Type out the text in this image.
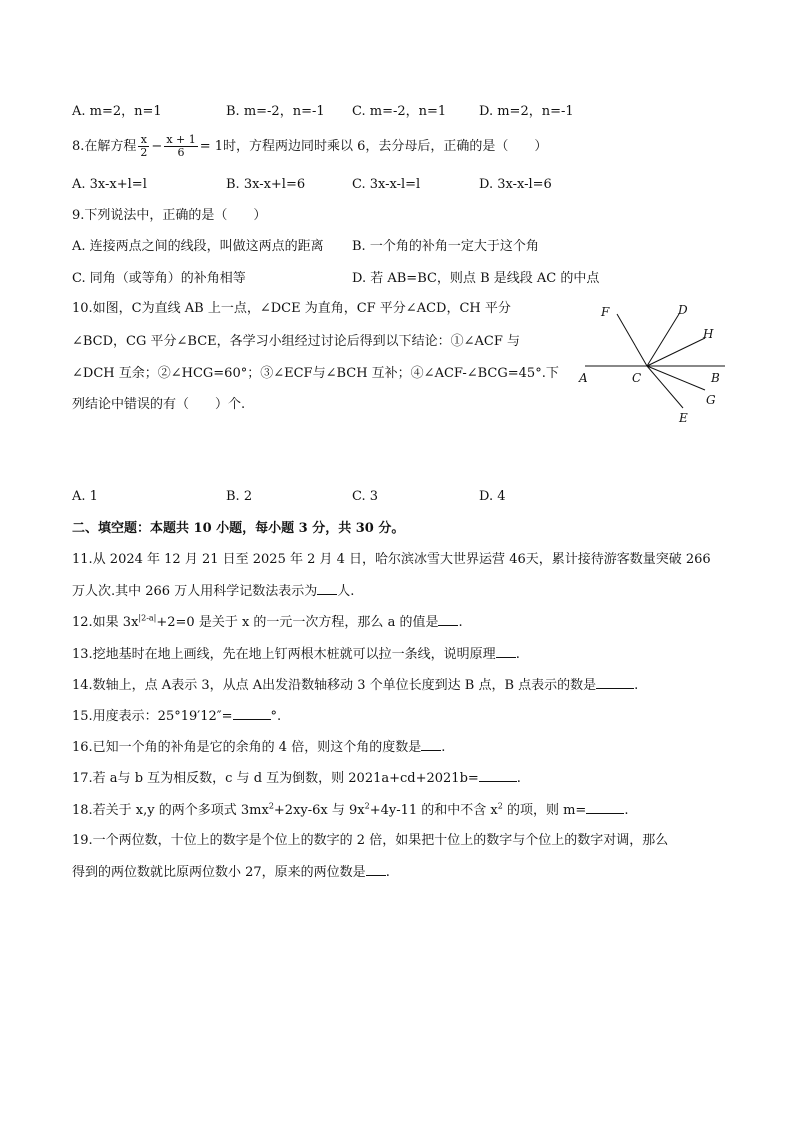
A. m=2，n=1	B. m=-2，n=-1 C. m=-2，n=1	D. m=2，n=-1
8.在解方程 $\frac{x}{2} - \frac{x + 1}{6} = 1$时，方程两边同时乘以 6，去分母后，正确的是（　　）
A. 3x-x+l=l	B. 3x-x+l=6	C. 3x-x-l=l	D. 3x-x-l=6
9.下列说法中，正确的是（　　）
A. 连接两点之间的线段，叫做这两点的距离 B. 一个角的补角一定大于这个角
C. 同角（或等角）的补角相等	D. 若 AB=BC，则点 B 是线段 AC 的中点
10.如图，C为直线 AB 上一点，∠DCE 为直角，CF 平分∠ACD，CH 平分
∠BCD，CG 平分∠BCE，各学习小组经过讨论后得到以下结论：①∠ACF 与
∠DCH 互余；②∠HCG=60°；③∠ECF与∠BCH 互补；④∠ACF-∠BCG=45°.下
列结论中错误的有（　　）个.
F	D
H
A	C	B
G
E
A. 1	B. 2	C. 3	D. 4
二、填空题：本题共 10 小题，每小题 3 分，共 30 分。
11.从 2024 年 12 月 21 日至 2025 年 2 月 4 日，哈尔滨冰雪大世界运营 46天，累计接待游客数量突破 266
万人次.其中 266 万人用科学记数法表示为 人.
12.如果 $3x^{|2-a|}+2=0$ 是关于 x 的一元一次方程，那么 a 的值是 .
13.挖地基时在地上画线，先在地上钉两根木桩就可以拉一条线，说明原理 .
14.数轴上，点 A表示 3，从点 A出发沿数轴移动 3 个单位长度到达 B 点，B 点表示的数是	.
15.用度表示：25°19′12″=	°.
16.已知一个角的补角是它的余角的 4 倍，则这个角的度数是 .
17.若 a与 b 互为相反数，c 与 d 互为倒数，则 2021a+cd+2021b=	.
18.若关于 x,y 的两个多项式 $3mx^2+2xy-6x$ 与 $9x^2+4y-11$ 的和中不含 $x^2$ 的项，则 m=	.
19.一个两位数，十位上的数字是个位上的数字的 2 倍，如果把十位上的数字与个位上的数字对调，那么
得到的两位数就比原两位数小 27，原来的两位数是 .
